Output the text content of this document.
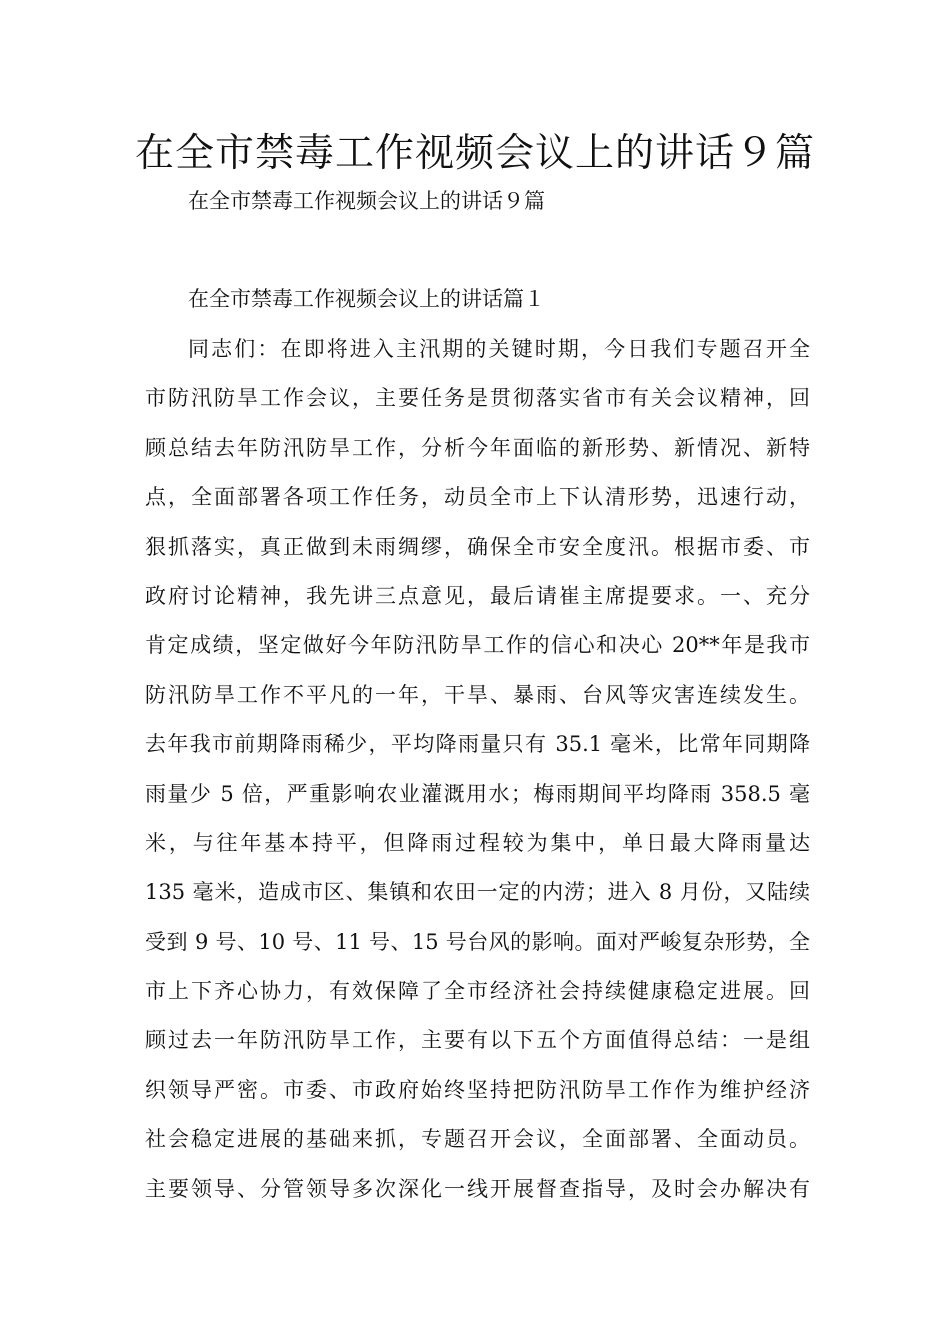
在全市禁毒工作视频会议上的讲话９篇

在全市禁毒工作视频会议上的讲话９篇

在全市禁毒工作视频会议上的讲话篇１

同志们：在即将进入主汛期的关键时期，今日我们专题召开全
市防汛防旱工作会议，主要任务是贯彻落实省市有关会议精神，回
顾总结去年防汛防旱工作，分析今年面临的新形势、新情况、新特
点，全面部署各项工作任务，动员全市上下认清形势，迅速行动，
狠抓落实，真正做到未雨绸缪，确保全市安全度汛。根据市委、市
政府讨论精神，我先讲三点意见，最后请崔主席提要求。一、充分
肯定成绩，坚定做好今年防汛防旱工作的信心和决心 20**年是我市
防汛防旱工作不平凡的一年，干旱、暴雨、台风等灾害连续发生。
去年我市前期降雨稀少，平均降雨量只有 35.1 毫米，比常年同期降
雨量少 5 倍，严重影响农业灌溉用水；梅雨期间平均降雨 358.5 毫
米，与往年基本持平，但降雨过程较为集中，单日最大降雨量达
135 毫米，造成市区、集镇和农田一定的内涝；进入 8 月份，又陆续
受到 9 号、10 号、11 号、15 号台风的影响。面对严峻复杂形势，全
市上下齐心协力，有效保障了全市经济社会持续健康稳定进展。回
顾过去一年防汛防旱工作，主要有以下五个方面值得总结：一是组
织领导严密。市委、市政府始终坚持把防汛防旱工作作为维护经济
社会稳定进展的基础来抓，专题召开会议，全面部署、全面动员。
主要领导、分管领导多次深化一线开展督查指导，及时会办解决有
